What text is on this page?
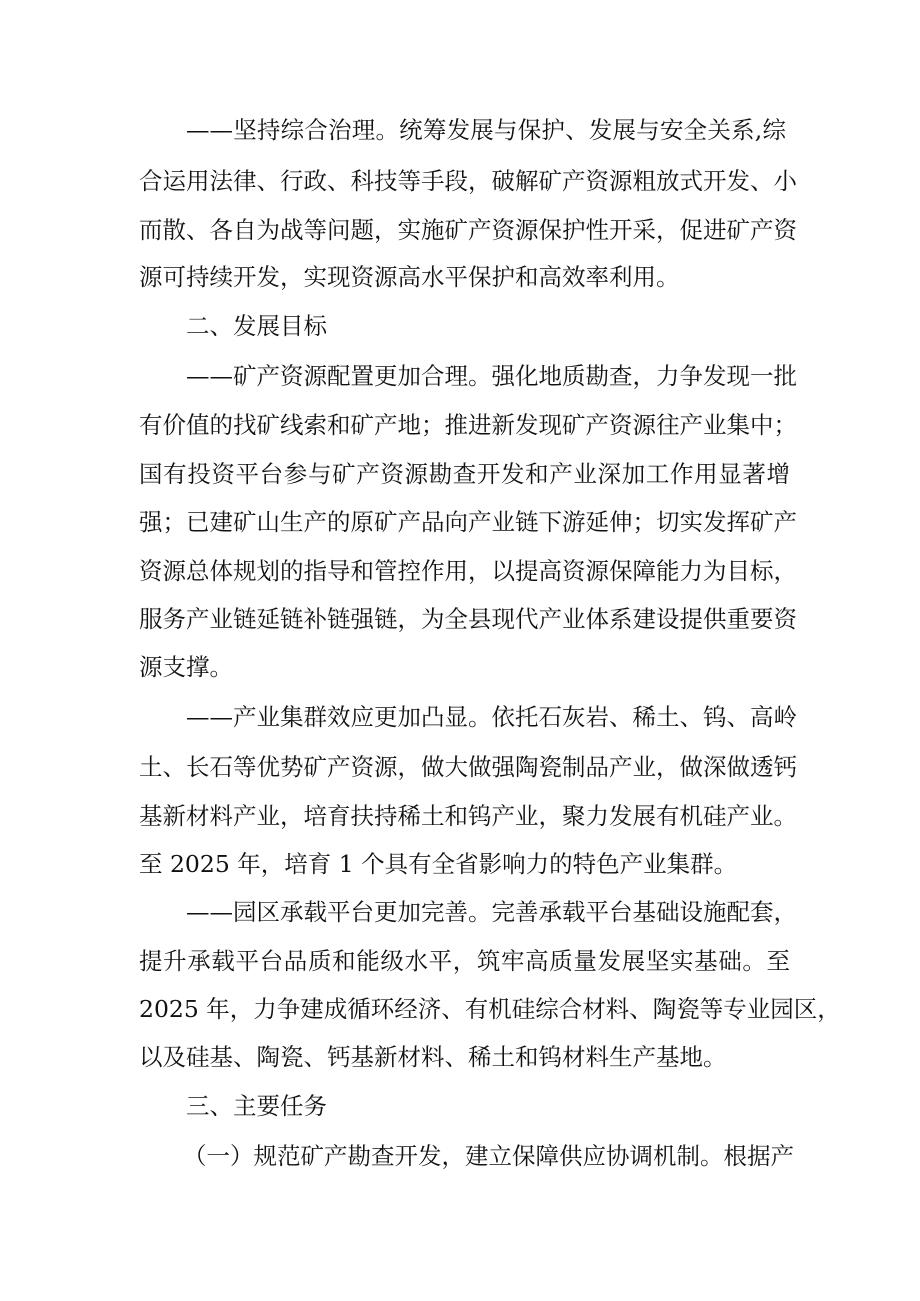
——坚持综合治理。统筹发展与保护、发展与安全关系,综
合运用法律、行政、科技等手段，破解矿产资源粗放式开发、小
而散、各自为战等问题，实施矿产资源保护性开采，促进矿产资
源可持续开发，实现资源高水平保护和高效率利用。
二、发展目标
——矿产资源配置更加合理。强化地质勘查，力争发现一批
有价值的找矿线索和矿产地；推进新发现矿产资源往产业集中；
国有投资平台参与矿产资源勘查开发和产业深加工作用显著增
强；已建矿山生产的原矿产品向产业链下游延伸；切实发挥矿产
资源总体规划的指导和管控作用，以提高资源保障能力为目标，
服务产业链延链补链强链，为全县现代产业体系建设提供重要资
源支撑。
——产业集群效应更加凸显。依托石灰岩、稀土、钨、高岭
土、长石等优势矿产资源，做大做强陶瓷制品产业，做深做透钙
基新材料产业，培育扶持稀土和钨产业，聚力发展有机硅产业。
至 2025 年，培育 1 个具有全省影响力的特色产业集群。
——园区承载平台更加完善。完善承载平台基础设施配套，
提升承载平台品质和能级水平，筑牢高质量发展坚实基础。至
2025 年，力争建成循环经济、有机硅综合材料、陶瓷等专业园区，
以及硅基、陶瓷、钙基新材料、稀土和钨材料生产基地。
三、主要任务
（一）规范矿产勘查开发，建立保障供应协调机制。根据产
